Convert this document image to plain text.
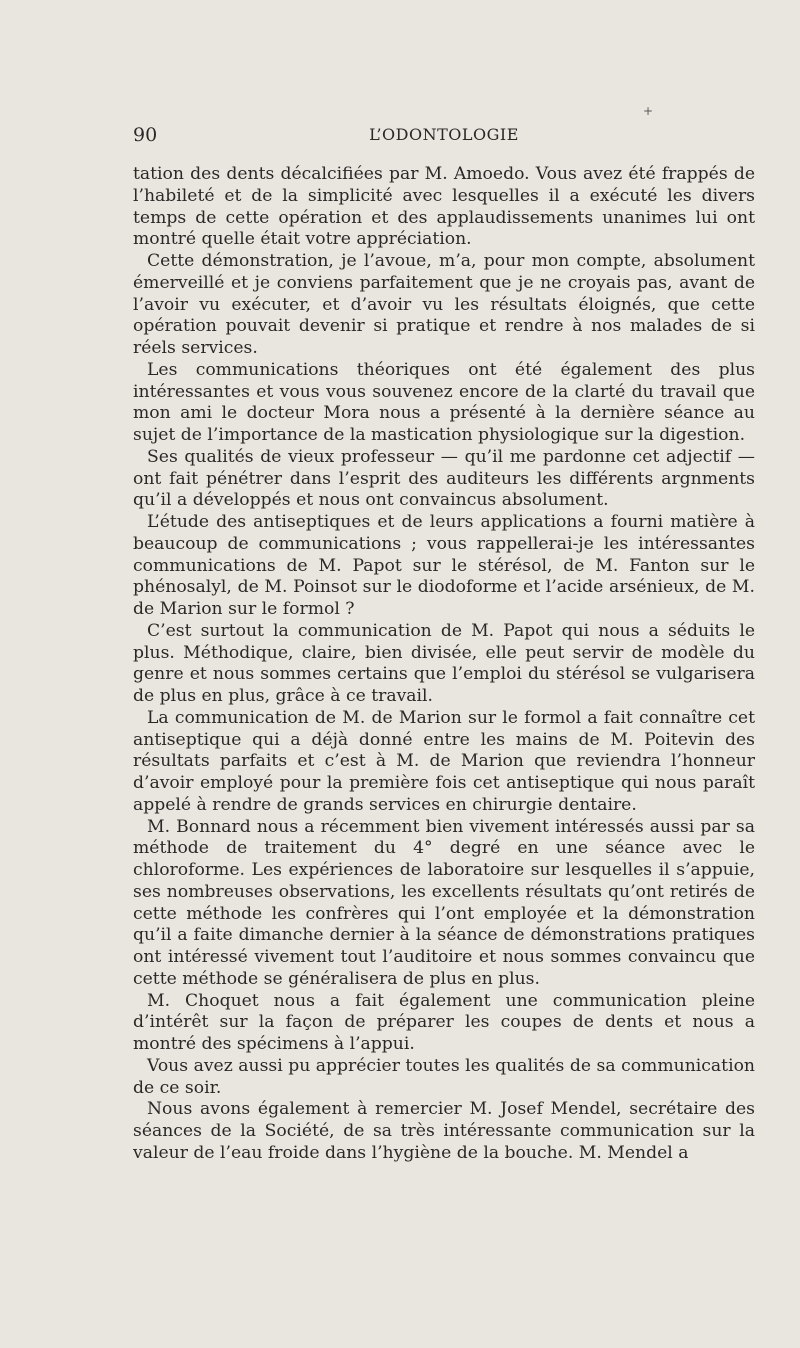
+
90	L’ODONTOLOGIE

tation des dents décalcifiées par M. Amoedo. Vous avez été frappés de l’habileté et de la simplicité avec lesquelles il a exécuté les divers temps de cette opération et des applaudissements unanimes lui ont montré quelle était votre appréciation.

Cette démonstration, je l’avoue, m’a, pour mon compte, absolument émerveillé et je conviens parfaitement que je ne croyais pas, avant de l’avoir vu exécuter, et d’avoir vu les résultats éloignés, que cette opération pouvait devenir si pratique et rendre à nos malades de si réels services.

Les communications théoriques ont été également des plus intéressantes et vous vous souvenez encore de la clarté du travail que mon ami le docteur Mora nous a présenté à la dernière séance au sujet de l’importance de la mastication physiologique sur la digestion.

Ses qualités de vieux professeur — qu’il me pardonne cet adjectif — ont fait pénétrer dans l’esprit des auditeurs les différents argnments qu’il a développés et nous ont convaincus absolument.

L’étude des antiseptiques et de leurs applications a fourni matière à beaucoup de communications ; vous rappellerai-je les intéressantes communications de M. Papot sur le stérésol, de M. Fanton sur le phénosalyl, de M. Poinsot sur le diodoforme et l’acide arsénieux, de M. de Marion sur le formol ?

C’est surtout la communication de M. Papot qui nous a séduits le plus. Méthodique, claire, bien divisée, elle peut servir de modèle du genre et nous sommes certains que l’emploi du stérésol se vulgarisera de plus en plus, grâce à ce travail.

La communication de M. de Marion sur le formol a fait connaître cet antiseptique qui a déjà donné entre les mains de M. Poitevin des résultats parfaits et c’est à M. de Marion que reviendra l’honneur d’avoir employé pour la première fois cet antiseptique qui nous paraît appelé à rendre de grands services en chirurgie dentaire.

M. Bonnard nous a récemment bien vivement intéressés aussi par sa méthode de traitement du 4° degré en une séance avec le chloroforme. Les expériences de laboratoire sur lesquelles il s’appuie, ses nombreuses observations, les excellents résultats qu’ont retirés de cette méthode les confrères qui l’ont employée et la démonstration qu’il a faite dimanche dernier à la séance de démonstrations pratiques ont intéressé vivement tout l’auditoire et nous sommes convaincu que cette méthode se généralisera de plus en plus.

M. Choquet nous a fait également une communication pleine d’intérêt sur la façon de préparer les coupes de dents et nous a montré des spécimens à l’appui.

Vous avez aussi pu apprécier toutes les qualités de sa communication de ce soir.

Nous avons également à remercier M. Josef Mendel, secrétaire des séances de la Société, de sa très intéressante communication sur la valeur de l’eau froide dans l’hygiène de la bouche. M. Mendel a
